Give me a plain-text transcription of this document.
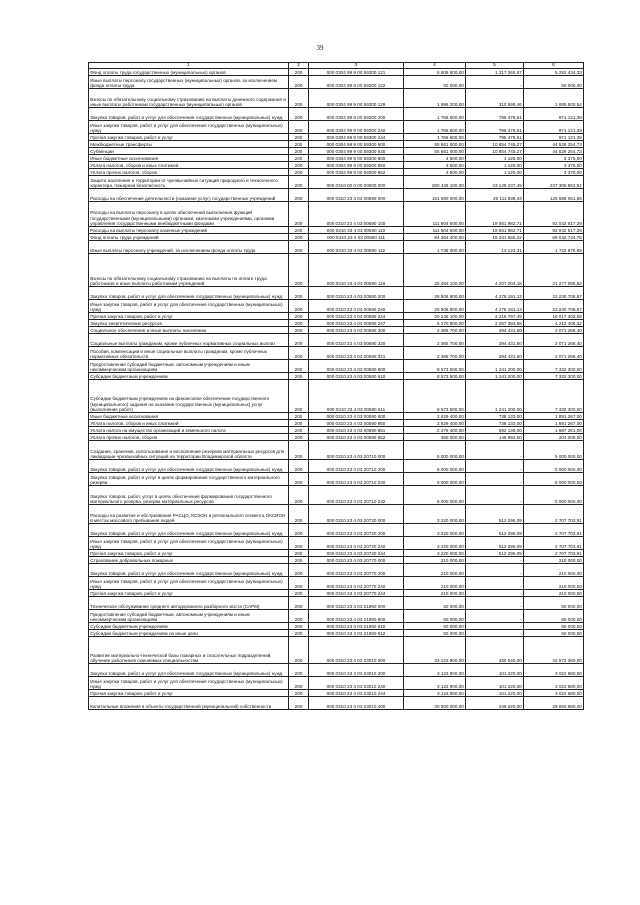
39
1	2	3	4	5	6
Фонд оплаты труда государственных (муниципальных) органов	200	000 0304 99 9 00 59300 121	5 609 800,00	1 317 365,67	5 292 434,33
Иные выплаты персоналу государственных (муниципальных) органов, за исключением фонда оплаты труда	200	000 0304 99 9 00 59300 122	50 000,00	-	50 000,00
Взносы по обязательному социальному страхованию на выплаты денежного содержания и иные выплаты работникам государственных (муниципальных) органов	200	000 0304 99 9 00 59300 129	1 996 200,00	310 699,46	1 685 500,54
Закупка товаров, работ и услуг для обеспечения государственных (муниципальных) нужд	200	000 0304 99 9 00 59300 200	1 766 600,00	795 478,61	971 121,39
Иные закупки товаров, работ и услуг для обеспечения государственных (муниципальных) нужд	200	000 0304 99 9 00 59300 240	1 766 600,00	795 478,61	971 121,39
Прочая закупка товаров, работ и услуг	200	000 0304 99 9 00 59300 244	1 766 600,00	795 478,61	971 121,39
Межбюджетные трансферты	200	000 0304 99 9 00 59300 500	55 561 000,00	10 854 745,27	44 526 254,73
Субвенции	200	000 0304 99 9 00 59300 530	55 561 000,00	10 854 745,27	44 526 254,73
Иные бюджетные ассигнования	200	000 0304 99 9 00 59300 800	4 500,00	1 125,00	3 375,00
Уплата налогов, сборов и иных платежей	200	000 0304 99 9 00 59300 850	4 500,00	1 125,00	3 375,00
Уплата прочих налогов, сборов	200	000 0304 99 9 00 59300 852	4 500,00	1 125,00	3 375,00
Защита населения и территории от чрезвычайных ситуаций природного и техногенного характера, пожарная безопасность	200	000 0310 00 0 00 00000 000	280 436 100,00	43 129 237,49	237 306 862,51
Расходы на обеспечение деятельности (оказание услуг) государственных учреждений	200	000 0310 23 4 03 00590 000	151 680 000,00	26 111 938,44	125 568 061,56
Расходы на выплаты персоналу в целях обеспечения выполнения функций государственными (муниципальными) органами, казенными учреждениями, органами управления государственными внебюджетными фондами	200	000 0310 23 4 03 00590 100	111 604 500,00	19 561 982,71	92 042 517,29
Расходы на выплаты персоналу казенных учреждений	200	000 0310 23 4 03 00590 110	111 604 500,00	19 561 982,71	92 042 517,29
Фонд оплаты труда учреждений	200	000 0310 23 4 03 00590 111	84 384 400,00	15 341 655,22	69 042 744,78
Иные выплаты персоналу учреждений, за исключением фонда оплаты труда	200	000 0310 23 4 03 00590 112	1 736 000,00	13 123,31	1 722 876,69
Взносы по обязательному социальному страхованию на выплаты по оплате труда работников и иные выплаты работникам учреждений	200	000 0310 23 4 03 00590 119	25 484 100,00	4 207 004,18	21 277 095,82
Закупка товаров, работ и услуг для обеспечения государственных (муниципальных) нужд	200	000 0310 23 4 03 00590 200	26 506 900,00	4 276 191,13	22 230 708,87
Иные закупки товаров, работ и услуг для обеспечения государственных (муниципальных) нужд	200	000 0310 23 4 03 00590 240	26 506 900,00	4 276 191,13	22 230 708,87
Прочая закупка товаров, работ и услуг	200	000 0310 23 4 03 00590 244	20 236 100,00	2 218 797,45	18 017 302,55
Закупка энергетических ресурсов	200	000 0310 23 4 03 00590 247	6 270 800,00	2 057 393,68	4 213 406,32
Социальное обеспечение и иные выплаты населению	200	000 0310 23 4 03 00590 300	2 365 700,00	294 431,60	2 071 268,40
Социальные выплаты гражданам, кроме публичных нормативных социальных выплат	200	000 0310 23 4 03 00590 320	2 365 700,00	294 431,60	2 071 268,40
Пособия, компенсации и иные социальные выплаты гражданам, кроме публичных нормативных обязательств	200	000 0310 23 4 03 00590 321	2 365 700,00	294 431,60	2 071 268,40
Предоставление субсидий бюджетным, автономным учреждениям и иным некоммерческим организациям	200	000 0310 23 4 03 00590 600	8 573 500,00	1 241 200,00	7 332 300,00
Субсидии бюджетным учреждениям	200	000 0310 23 4 03 00590 610	8 573 500,00	1 241 200,00	7 332 300,00
Субсидии бюджетным учреждениям на финансовое обеспечение государственного (муниципального) задания на оказание государственных (муниципальных) услуг (выполнение работ)	200	000 0310 23 4 03 00590 611	8 573 500,00	1 241 200,00	7 332 300,00
Иные бюджетные ассигнования	200	000 0310 23 4 03 00590 800	2 629 400,00	738 133,00	1 891 267,00
Уплата налогов, сборов и иных платежей	200	000 0310 23 4 03 00590 850	2 629 400,00	738 133,00	1 891 267,00
Уплата налога на имущество организаций и земельного налога	200	000 0310 23 4 03 00590 851	2 279 400,00	592 139,00	1 687 261,00
Уплата прочих налогов, сборов	200	000 0310 23 4 03 00590 852	350 000,00	145 994,00	204 006,00
Создание, хранение, использование и восполнение резервов материальных ресурсов для ликвидации чрезвычайных ситуаций на территории Владимирской области	200	000 0310 23 4 03 20710 000	5 000 000,00	-	5 000 000,00
Закупка товаров, работ и услуг для обеспечения государственных (муниципальных) нужд	200	000 0310 23 4 03 20710 200	5 000 000,00	-	5 000 000,00
Закупка товаров, работ и услуг в целях формирования государственного материального резерва	200	000 0310 23 4 03 20710 230	5 000 000,00	-	5 000 000,00
Закупка товаров, работ, услуг в целях обеспечения формирования государственного материального резерва, резерва материальных ресурсов	200	000 0310 23 4 03 20710 232	5 000 000,00	-	5 000 000,00
Расходы на развитие и обслуживание РАСЦО, КСЭОН и регионального сегмента ОКСИОН в местах массового пребывания людей	200	000 0310 23 4 03 20720 000	3 220 000,00	512 296,09	2 707 703,91
Закупка товаров, работ и услуг для обеспечения государственных (муниципальных) нужд	200	000 0310 23 4 03 20720 200	3 220 000,00	512 296,09	2 707 703,91
Иные закупки товаров, работ и услуг для обеспечения государственных (муниципальных) нужд	200	000 0310 23 4 03 20720 240	3 220 000,00	512 296,09	2 707 703,91
Прочая закупка товаров, работ и услуг	200	000 0310 23 4 03 20720 244	3 220 000,00	512 296,09	2 707 703,91
Страхование добровольных пожарных	200	000 0310 23 4 03 20770 000	210 000,00	-	210 000,00
Закупка товаров, работ и услуг для обеспечения государственных (муниципальных) нужд	200	000 0310 23 4 03 20770 200	210 000,00	-	210 000,00
Иные закупки товаров, работ и услуг для обеспечения государственных (муниципальных) нужд	200	000 0310 23 4 03 20770 240	210 000,00	-	210 000,00
Прочая закупка товаров, работ и услуг	200	000 0310 23 4 03 20770 244	210 000,00	-	210 000,00
Техническое обслуживание среднего автодорожного разборного моста (САРМ)	200	000 0310 23 4 03 21960 000	50 000,00	-	50 000,00
Предоставление субсидий бюджетным, автономным учреждениям и иным некоммерческим организациям	200	000 0310 23 4 03 21960 600	50 000,00	-	50 000,00
Субсидии бюджетным учреждениям	200	000 0310 23 4 03 21960 610	50 000,00	-	50 000,00
Субсидии бюджетным учреждениям на иные цели	200	000 0310 23 4 03 21960 612	50 000,00	-	50 000,00
Развитие материально-технической базы пожарных и спасательных подразделений, обучение работников сменяемых специальностям	200	000 0310 23 4 03 23010 000	33 123 900,00	450 540,00	32 673 360,00
Закупка товаров, работ и услуг для обеспечения государственных (муниципальных) нужд	200	000 0310 23 4 03 23010 200	3 123 900,00	101 220,00	3 022 680,00
Иные закупки товаров, работ и услуг для обеспечения государственных (муниципальных) нужд	200	000 0310 23 4 03 23010 240	3 123 900,00	101 220,00	3 022 680,00
Прочая закупка товаров, работ и услуг	200	000 0310 23 4 03 23010 244	3 123 900,00	101 220,00	3 022 680,00
Капитальные вложения в объекты государственной (муниципальной) собственности	200	000 0310 23 4 03 23010 400	30 000 000,00	349 320,00	29 650 680,00
